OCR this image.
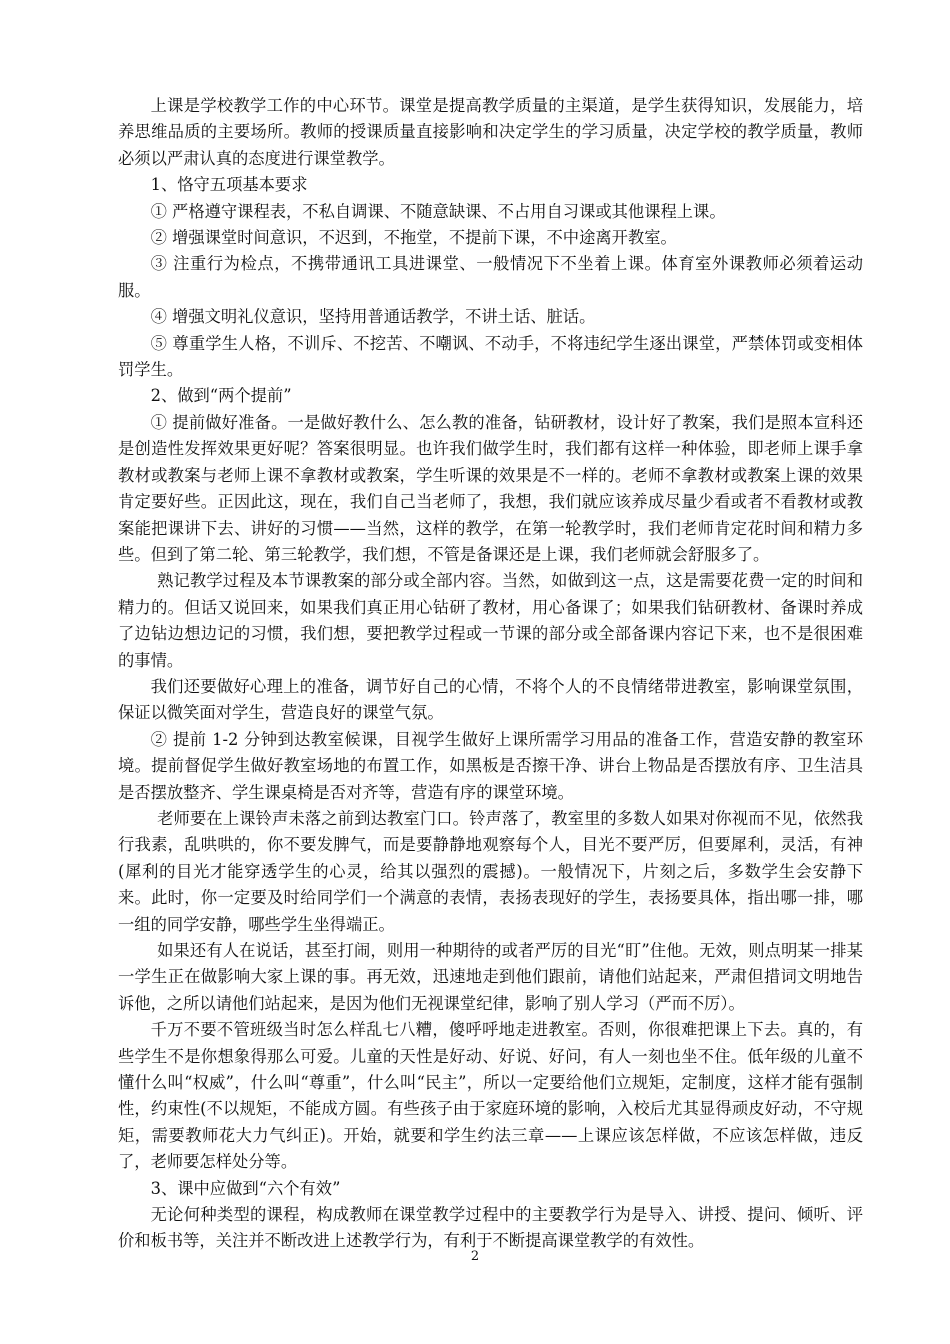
上课是学校教学工作的中心环节。课堂是提高教学质量的主渠道，是学生获得知识，发展能力，培养思维品质的主要场所。教师的授课质量直接影响和决定学生的学习质量，决定学校的教学质量，教师必须以严肃认真的态度进行课堂教学。

1、恪守五项基本要求

① 严格遵守课程表，不私自调课、不随意缺课、不占用自习课或其他课程上课。

② 增强课堂时间意识，不迟到，不拖堂，不提前下课，不中途离开教室。

③ 注重行为检点，不携带通讯工具进课堂、一般情况下不坐着上课。体育室外课教师必须着运动服。

④ 增强文明礼仪意识，坚持用普通话教学，不讲土话、脏话。

⑤ 尊重学生人格，不训斥、不挖苦、不嘲讽、不动手，不将违纪学生逐出课堂，严禁体罚或变相体罚学生。

2、做到“两个提前”

① 提前做好准备。一是做好教什么、怎么教的准备，钻研教材，设计好了教案，我们是照本宣科还是创造性发挥效果更好呢？答案很明显。也许我们做学生时，我们都有这样一种体验，即老师上课手拿教材或教案与老师上课不拿教材或教案，学生听课的效果是不一样的。老师不拿教材或教案上课的效果肯定要好些。正因此这，现在，我们自己当老师了，我想，我们就应该养成尽量少看或者不看教材或教案能把课讲下去、讲好的习惯——当然，这样的教学，在第一轮教学时，我们老师肯定花时间和精力多些。但到了第二轮、第三轮教学，我们想，不管是备课还是上课，我们老师就会舒服多了。

熟记教学过程及本节课教案的部分或全部内容。当然，如做到这一点，这是需要花费一定的时间和精力的。但话又说回来，如果我们真正用心钻研了教材，用心备课了；如果我们钻研教材、备课时养成了边钻边想边记的习惯，我们想，要把教学过程或一节课的部分或全部备课内容记下来，也不是很困难的事情。

我们还要做好心理上的准备，调节好自己的心情，不将个人的不良情绪带进教室，影响课堂氛围，保证以微笑面对学生，营造良好的课堂气氛。

② 提前 1-2 分钟到达教室候课，目视学生做好上课所需学习用品的准备工作，营造安静的教室环境。提前督促学生做好教室场地的布置工作，如黑板是否擦干净、讲台上物品是否摆放有序、卫生洁具是否摆放整齐、学生课桌椅是否对齐等，营造有序的课堂环境。

老师要在上课铃声未落之前到达教室门口。铃声落了，教室里的多数人如果对你视而不见，依然我行我素，乱哄哄的，你不要发脾气，而是要静静地观察每个人，目光不要严厉，但要犀利，灵活，有神(犀利的目光才能穿透学生的心灵，给其以强烈的震撼)。一般情况下，片刻之后，多数学生会安静下来。此时，你一定要及时给同学们一个满意的表情，表扬表现好的学生，表扬要具体，指出哪一排，哪一组的同学安静，哪些学生坐得端正。

如果还有人在说话，甚至打闹，则用一种期待的或者严厉的目光“盯”住他。无效，则点明某一排某一学生正在做影响大家上课的事。再无效，迅速地走到他们跟前，请他们站起来，严肃但措词文明地告诉他，之所以请他们站起来，是因为他们无视课堂纪律，影响了别人学习（严而不厉）。

千万不要不管班级当时怎么样乱七八糟，傻呼呼地走进教室。否则，你很难把课上下去。真的，有些学生不是你想象得那么可爱。儿童的天性是好动、好说、好问，有人一刻也坐不住。低年级的儿童不懂什么叫“权威”，什么叫“尊重”，什么叫“民主”，所以一定要给他们立规矩，定制度，这样才能有强制性，约束性(不以规矩，不能成方圆。有些孩子由于家庭环境的影响，入校后尤其显得顽皮好动，不守规矩，需要教师花大力气纠正)。开始，就要和学生约法三章——上课应该怎样做，不应该怎样做，违反了，老师要怎样处分等。

3、课中应做到“六个有效”

无论何种类型的课程，构成教师在课堂教学过程中的主要教学行为是导入、讲授、提问、倾听、评价和板书等，关注并不断改进上述教学行为，有利于不断提高课堂教学的有效性。

2
